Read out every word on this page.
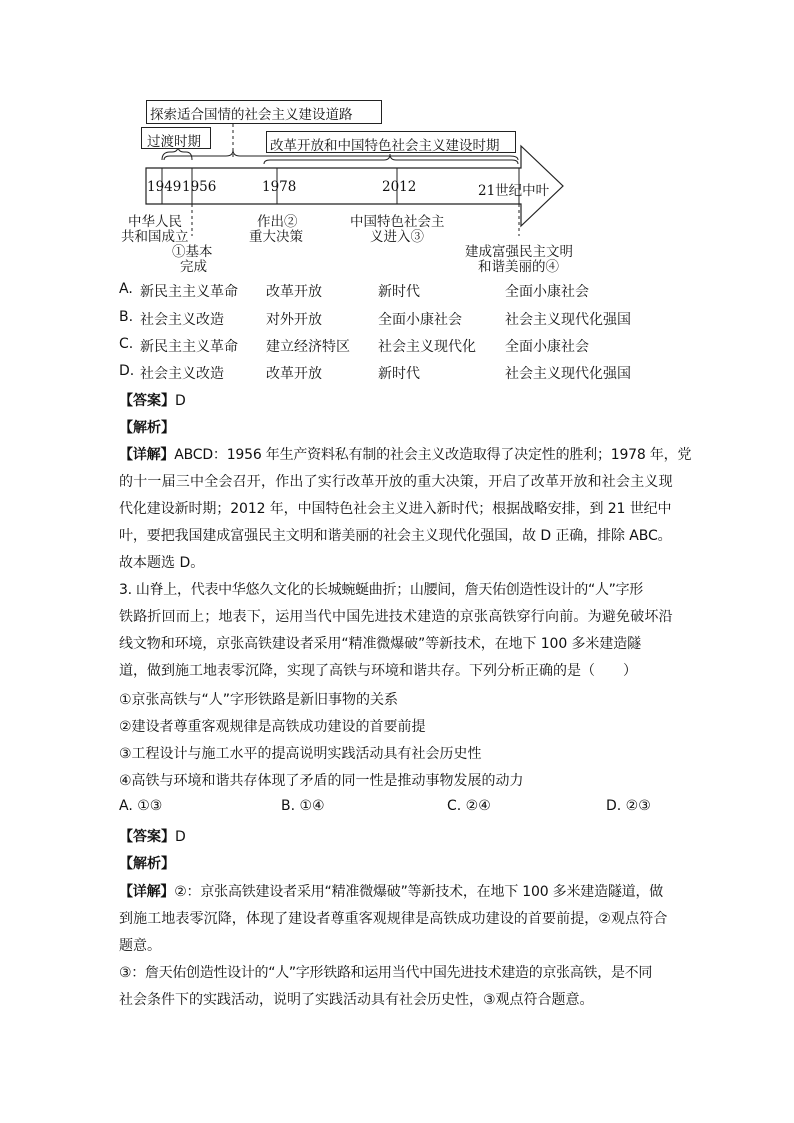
探索适合国情的社会主义建设道路
过渡时期	改革开放和中国特色社会主义建设时期
1949 1956	1978	2012	21世纪中叶
中华人民
共和国成立
①基本
完成
作出②
重大决策
中国特色社会主
义进入③
建成富强民主文明
和谐美丽的④
A. 新民主主义革命 改革开放	新时代	全面小康社会
B. 社会主义改造	对外开放	全面小康社会	社会主义现代化强国
C. 新民主主义革命 建立经济特区 社会主义现代化 全面小康社会
D. 社会主义改造	改革开放	新时代	社会主义现代化强国
【答案】D
【解析】
【详解】ABCD：1956 年生产资料私有制的社会主义改造取得了决定性的胜利；1978 年，党
的十一届三中全会召开，作出了实行改革开放的重大决策，开启了改革开放和社会主义现
代化建设新时期；2012 年，中国特色社会主义进入新时代；根据战略安排，到 21 世纪中
叶，要把我国建成富强民主文明和谐美丽的社会主义现代化强国，故 D 正确，排除 ABC。
故本题选 D。
3. 山脊上，代表中华悠久文化的长城蜿蜒曲折；山腰间，詹天佑创造性设计的“人”字形
铁路折回而上；地表下，运用当代中国先进技术建造的京张高铁穿行向前。为避免破坏沿
线文物和环境，京张高铁建设者采用“精准微爆破”等新技术，在地下 100 多米建造隧
道，做到施工地表零沉降，实现了高铁与环境和谐共存。下列分析正确的是（　　）
①京张高铁与“人”字形铁路是新旧事物的关系
②建设者尊重客观规律是高铁成功建设的首要前提
③工程设计与施工水平的提高说明实践活动具有社会历史性
④高铁与环境和谐共存体现了矛盾的同一性是推动事物发展的动力
A. ①③	B. ①④	C. ②④	D. ②③
【答案】D
【解析】
【详解】②：京张高铁建设者采用“精准微爆破”等新技术，在地下 100 多米建造隧道，做
到施工地表零沉降，体现了建设者尊重客观规律是高铁成功建设的首要前提，②观点符合
题意。
③：詹天佑创造性设计的“人”字形铁路和运用当代中国先进技术建造的京张高铁，是不同
社会条件下的实践活动，说明了实践活动具有社会历史性，③观点符合题意。
